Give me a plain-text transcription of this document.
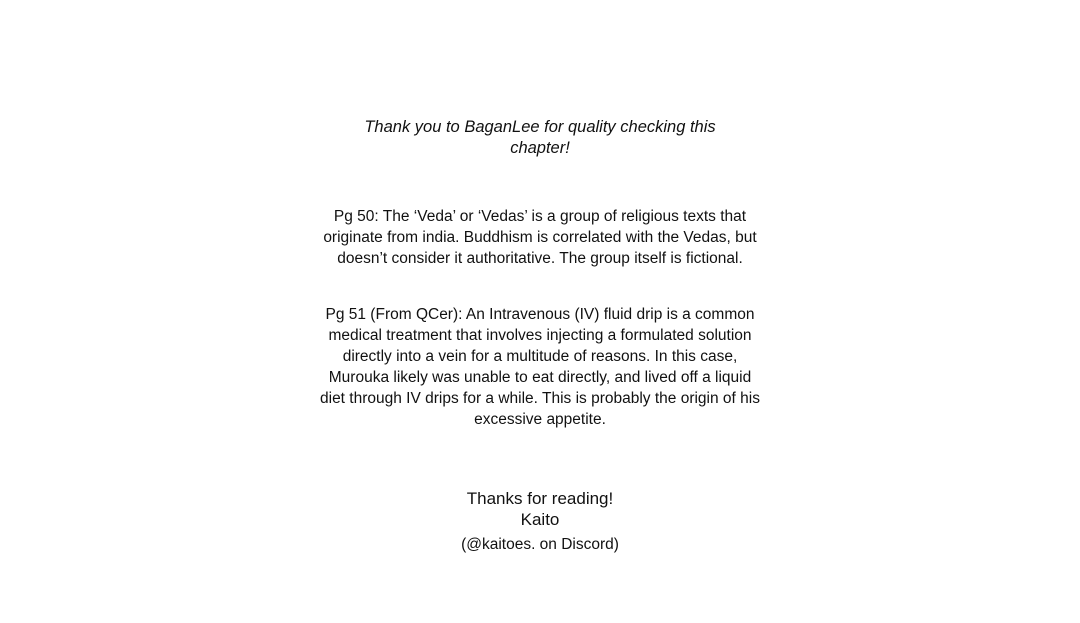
Thank you to BaganLee for quality checking this
chapter!
Pg 50: The ‘Veda’ or ‘Vedas’ is a group of religious texts that
originate from india. Buddhism is correlated with the Vedas, but
doesn’t consider it authoritative. The group itself is fictional.
Pg 51 (From QCer): An Intravenous (IV) fluid drip is a common
medical treatment that involves injecting a formulated solution
directly into a vein for a multitude of reasons. In this case,
Murouka likely was unable to eat directly, and lived off a liquid
diet through IV drips for a while. This is probably the origin of his
excessive appetite.
Thanks for reading!
Kaito
(@kaitoes. on Discord)
